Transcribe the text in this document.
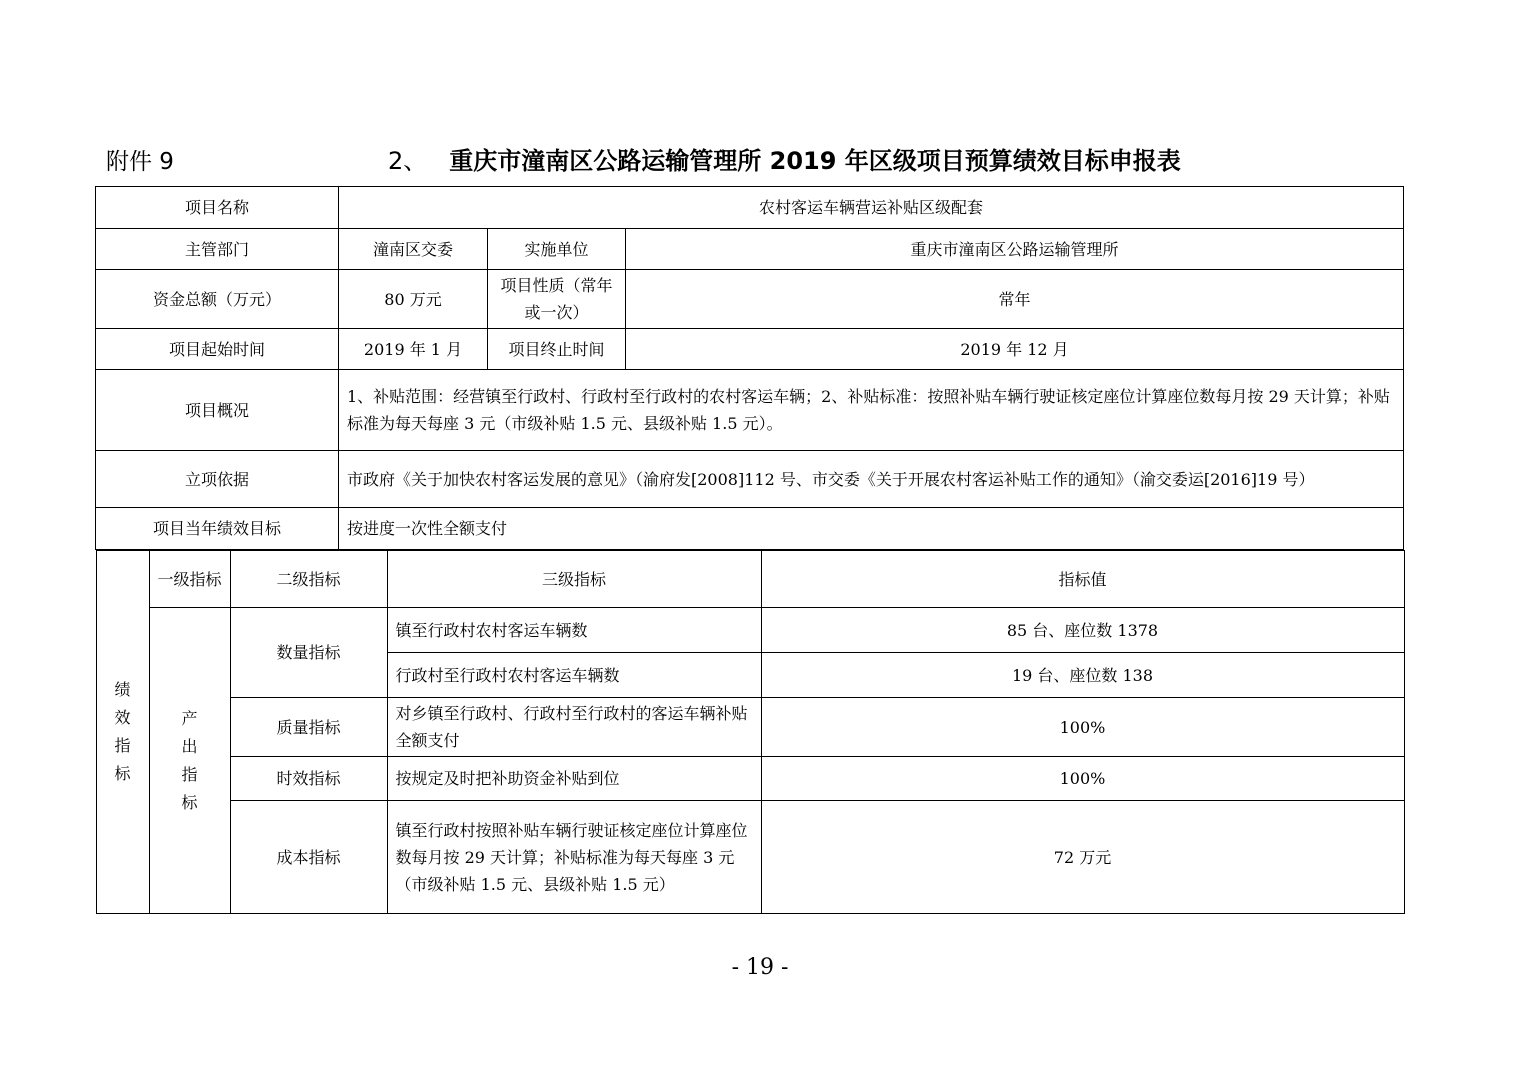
附件 9	2、 重庆市潼南区公路运输管理所 2019 年区级项目预算绩效目标申报表
项目名称	农村客运车辆营运补贴区级配套
主管部门	潼南区交委	实施单位	重庆市潼南区公路运输管理所
资金总额（万元）	80 万元	项目性质（常年或一次）	常年
项目起始时间	2019 年 1 月	项目终止时间	2019 年 12 月
项目概况	1、补贴范围：经营镇至行政村、行政村至行政村的农村客运车辆；2、补贴标准：按照补贴车辆行驶证核定座位计算座位数每月按 29 天计算；补贴标准为每天每座 3 元（市级补贴 1.5 元、县级补贴 1.5 元）。
立项依据	市政府《关于加快农村客运发展的意见》（渝府发[2008]112 号、市交委《关于开展农村客运补贴工作的通知》（渝交委运[2016]19 号）
项目当年绩效目标	按进度一次性全额支付

绩效指标
	一级指标	二级指标	三级指标	指标值

产出指标
	数量指标	镇至行政村农村客运车辆数	85 台、座位数 1378
行政村至行政村农村客运车辆数	19 台、座位数 138
质量指标	对乡镇至行政村、行政村至行政村的客运车辆补贴全额支付	100%
时效指标	按规定及时把补助资金补贴到位	100%
成本指标	镇至行政村按照补贴车辆行驶证核定座位计算座位数每月按 29 天计算；补贴标准为每天每座 3 元（市级补贴 1.5 元、县级补贴 1.5 元）	72 万元
- 19 -
